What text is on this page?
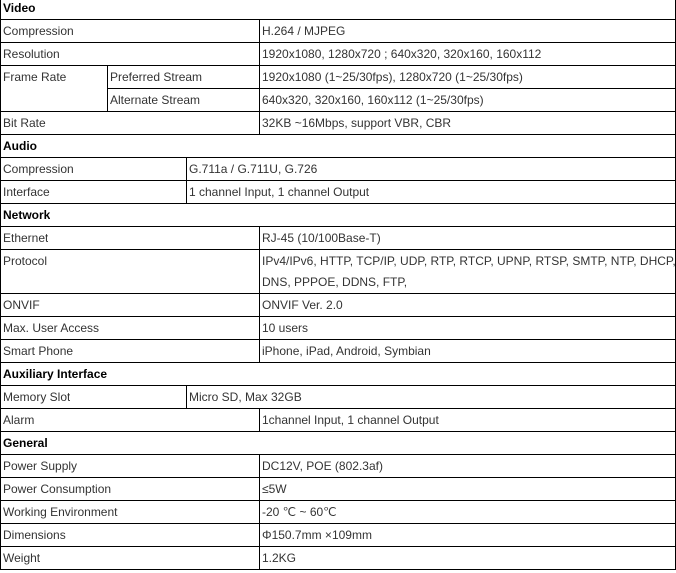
Video
Compression	H.264 / MJPEG
Resolution	1920x1080, 1280x720 ; 640x320, 320x160, 160x112
Frame Rate	Preferred Stream	1920x1080 (1~25/30fps), 1280x720 (1~25/30fps)
Alternate Stream	640x320, 320x160, 160x112 (1~25/30fps)
Bit Rate	32KB ~16Mbps, support VBR, CBR
Audio
Compression	G.711a / G.711U, G.726
Interface	1 channel Input, 1 channel Output
Network
Ethernet	RJ-45 (10/100Base-T)
Protocol	IPv4/IPv6, HTTP, TCP/IP, UDP, RTP, RTCP, UPNP, RTSP, SMTP, NTP, DHCP,
DNS, PPPOE, DDNS, FTP,
ONVIF	ONVIF Ver. 2.0
Max. User Access	10 users
Smart Phone	iPhone, iPad, Android, Symbian
Auxiliary Interface
Memory Slot	Micro SD, Max 32GB
Alarm	1channel Input, 1 channel Output
General
Power Supply	DC12V, POE (802.3af)
Power Consumption	≤5W
Working Environment	-20 ℃ ~ 60℃
Dimensions	Φ150.7mm ×109mm
Weight	1.2KG
